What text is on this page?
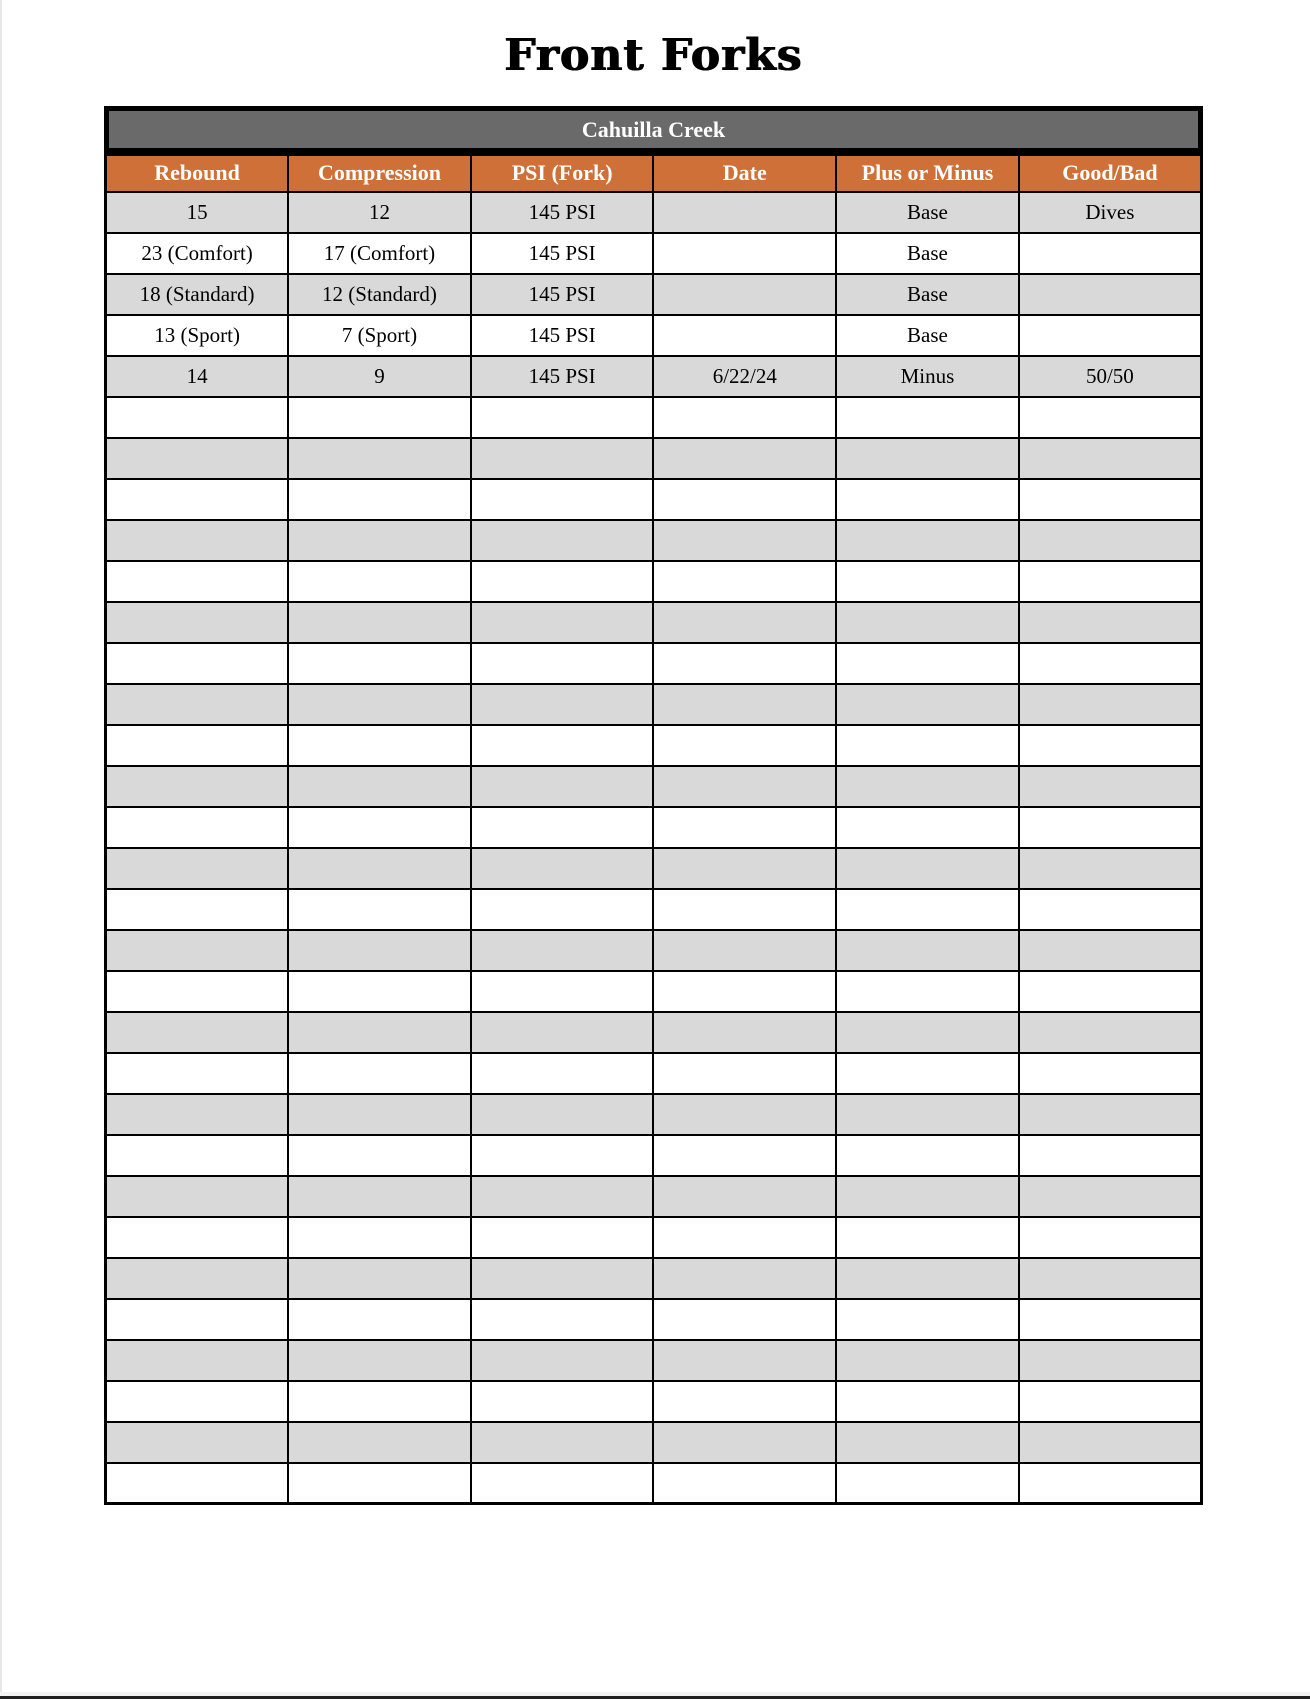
Front Forks
Cahuilla Creek
Rebound	Compression	PSI (Fork)	Date	Plus or Minus	Good/Bad
15	12	145 PSI		Base	Dives
23 (Comfort)	17 (Comfort)	145 PSI		Base	
18 (Standard)	12 (Standard)	145 PSI		Base	
13 (Sport)	7 (Sport)	145 PSI		Base	
14	9	145 PSI	6/22/24	Minus	50/50
